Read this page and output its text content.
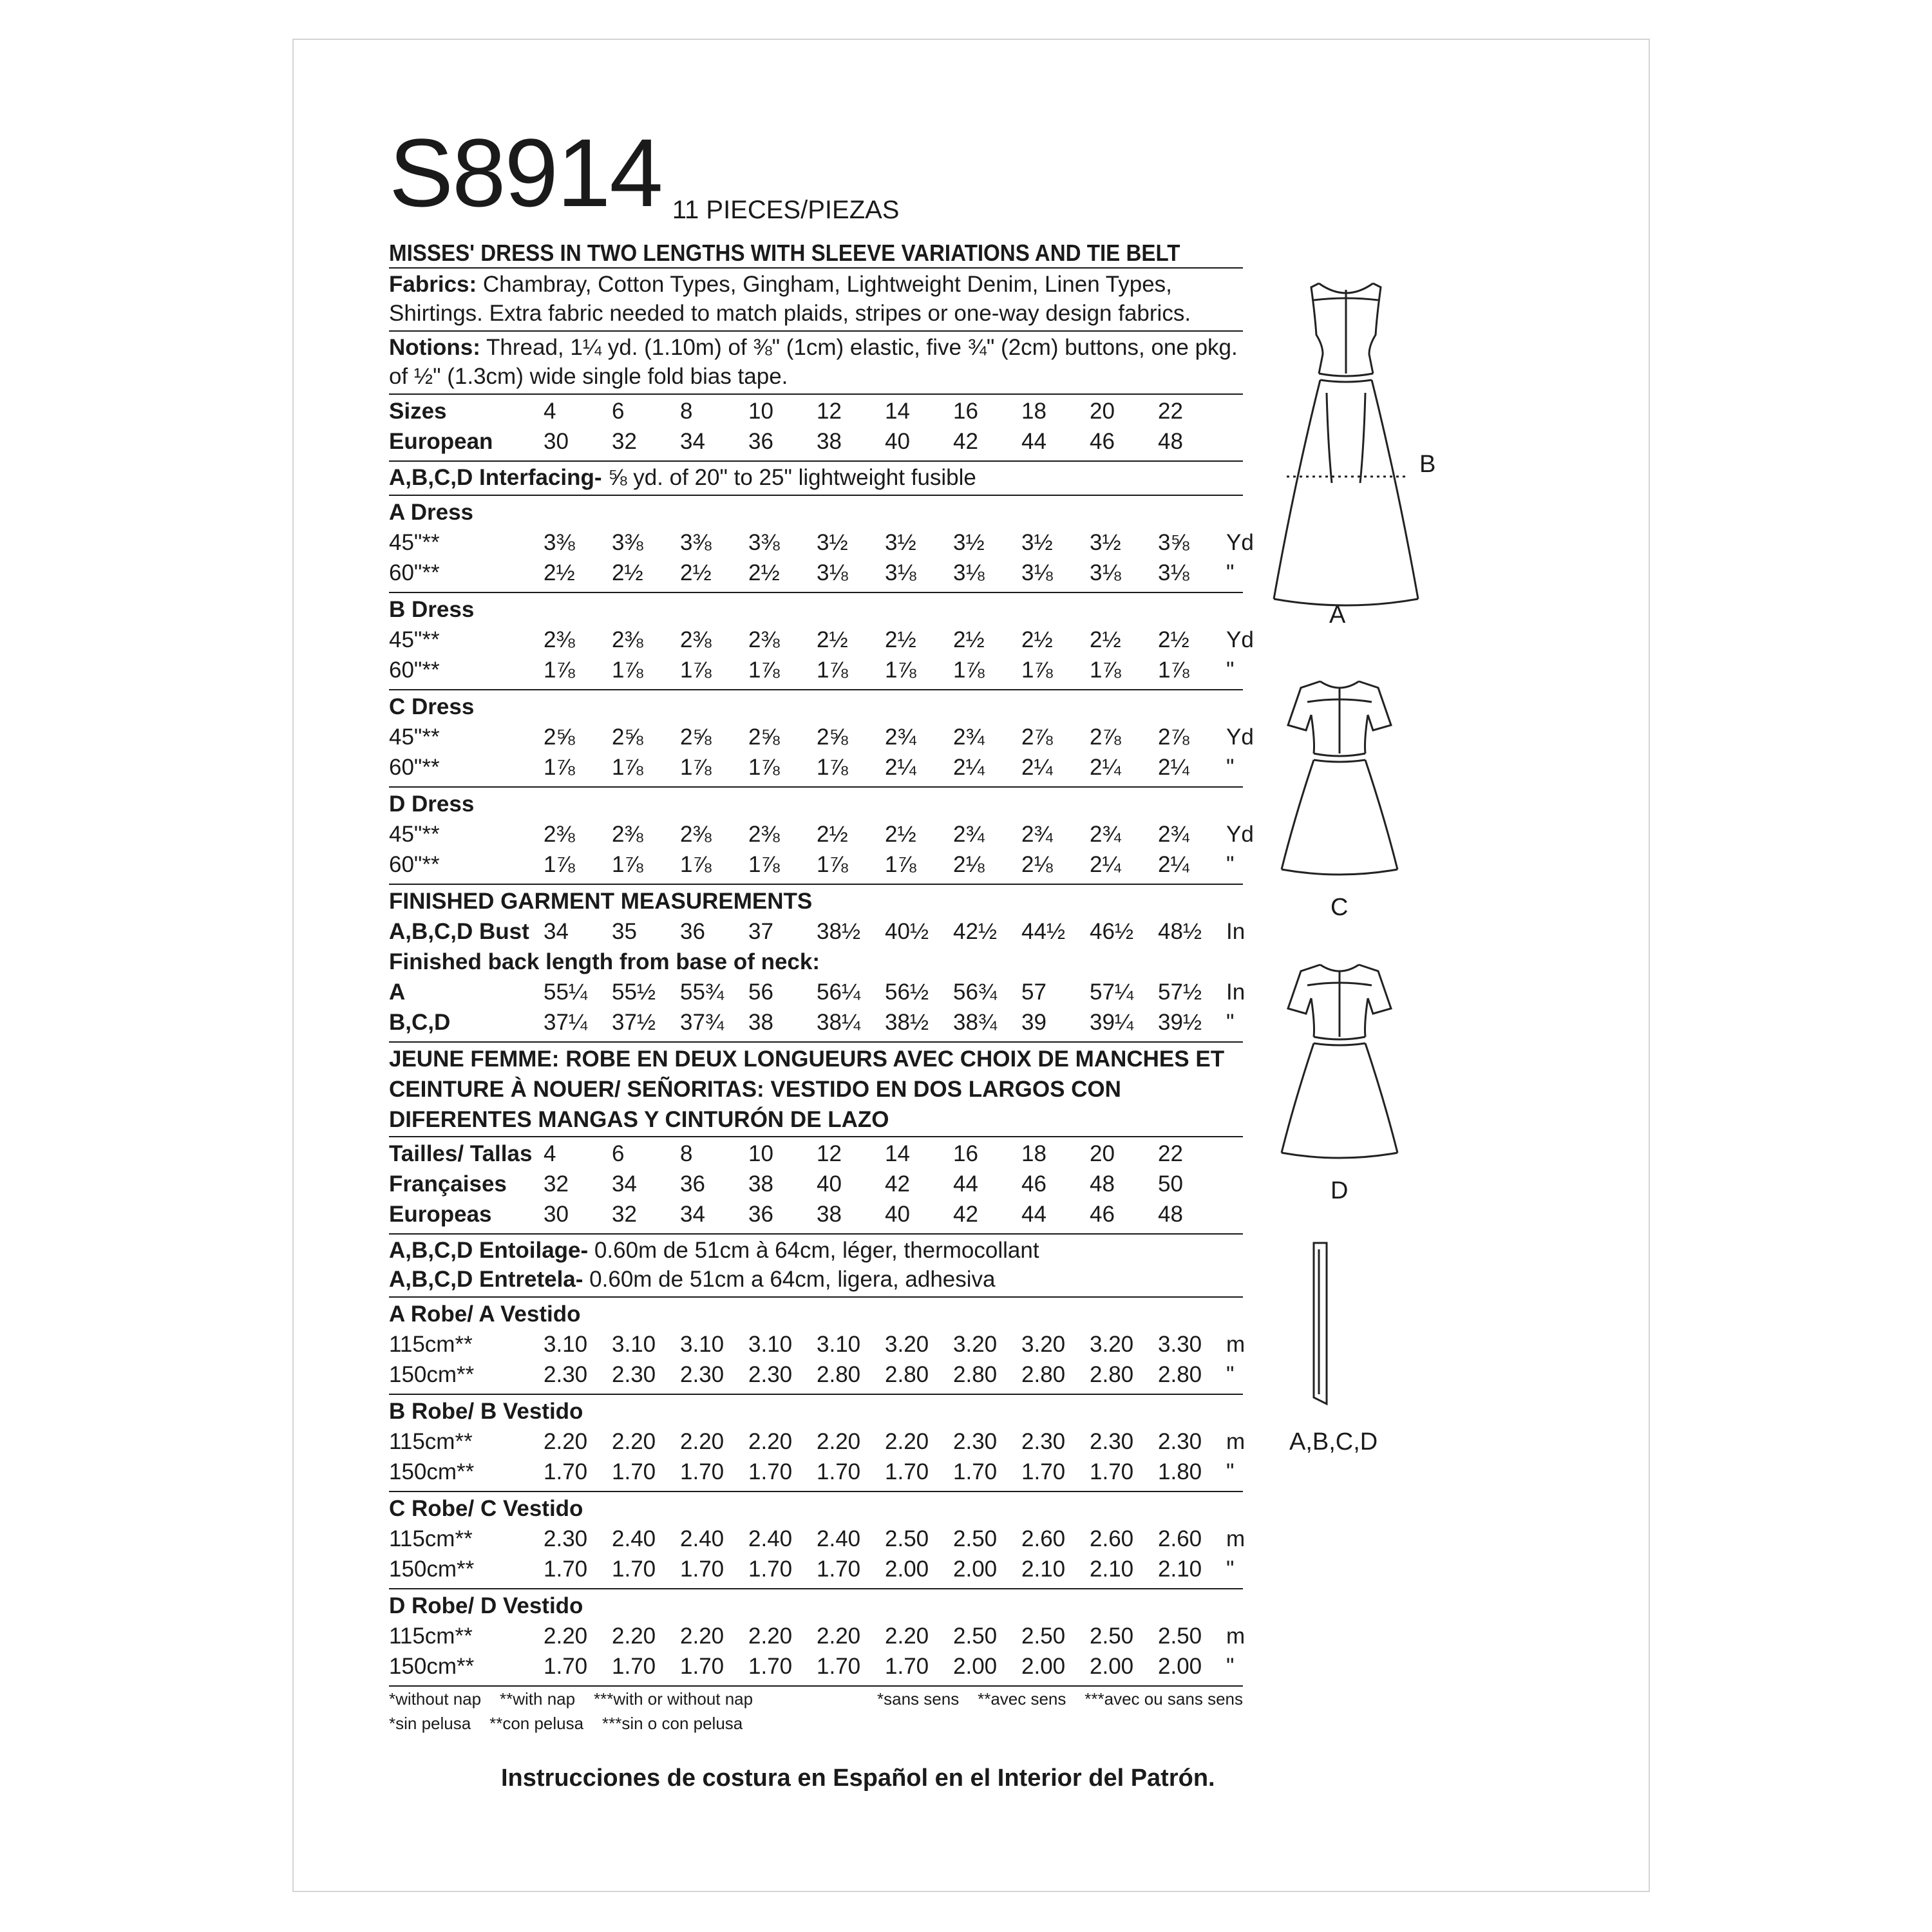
S8914 11 PIECES/PIEZAS
MISSES' DRESS IN TWO LENGTHS WITH SLEEVE VARIATIONS AND TIE BELT
Fabrics: Chambray, Cotton Types, Gingham, Lightweight Denim, Linen Types, Shirtings. Extra fabric needed to match plaids, stripes or one-way design fabrics.
Notions: Thread, 1¼ yd. (1.10m) of ⅜" (1cm) elastic, five ¾" (2cm) buttons, one pkg. of ½" (1.3cm) wide single fold bias tape.
Sizes	4	6	8	10	12	14	16	18	20	22
European	30	32	34	36	38	40	42	44	46	48
A,B,C,D Interfacing- ⅝ yd. of 20" to 25" lightweight fusible
A Dress
45"**	3⅜	3⅜	3⅜	3⅜	3½	3½	3½	3½	3½	3⅝	Yd
60"**	2½	2½	2½	2½	3⅛	3⅛	3⅛	3⅛	3⅛	3⅛	"
B Dress
45"**	2⅜	2⅜	2⅜	2⅜	2½	2½	2½	2½	2½	2½	Yd
60"**	1⅞	1⅞	1⅞	1⅞	1⅞	1⅞	1⅞	1⅞	1⅞	1⅞	"
C Dress
45"**	2⅝	2⅝	2⅝	2⅝	2⅝	2¾	2¾	2⅞	2⅞	2⅞	Yd
60"**	1⅞	1⅞	1⅞	1⅞	1⅞	2¼	2¼	2¼	2¼	2¼	"
D Dress
45"**	2⅜	2⅜	2⅜	2⅜	2½	2½	2¾	2¾	2¾	2¾	Yd
60"**	1⅞	1⅞	1⅞	1⅞	1⅞	1⅞	2⅛	2⅛	2¼	2¼	"
FINISHED GARMENT MEASUREMENTS
A,B,C,D Bust 34	35	36	37	38½	40½	42½	44½	46½	48½	In
Finished back length from base of neck:
A	55¼	55½	55¾	56	56¼	56½	56¾	57	57¼	57½	In
B,C,D	37¼	37½	37¾	38	38¼	38½	38¾	39	39¼	39½	"
JEUNE FEMME: ROBE EN DEUX LONGUEURS AVEC CHOIX DE MANCHES ET CEINTURE À NOUER/ SEÑORITAS: VESTIDO EN DOS LARGOS CON DIFERENTES MANGAS Y CINTURÓN DE LAZO
Tailles/ Tallas 4	6	8	10	12	14	16	18	20	22
Françaises	32	34	36	38	40	42	44	46	48	50
Europeas	30	32	34	36	38	40	42	44	46	48
A,B,C,D Entoilage- 0.60m de 51cm à 64cm, léger, thermocollant
A,B,C,D Entretela- 0.60m de 51cm a 64cm, ligera, adhesiva
A Robe/ A Vestido
115cm**	3.10	3.10	3.10	3.10	3.10	3.20	3.20	3.20	3.20	3.30	m
150cm**	2.30	2.30	2.30	2.30	2.80	2.80	2.80	2.80	2.80	2.80	"
B Robe/ B Vestido
115cm**	2.20	2.20	2.20	2.20	2.20	2.20	2.30	2.30	2.30	2.30	m
150cm**	1.70	1.70	1.70	1.70	1.70	1.70	1.70	1.70	1.70	1.80	"
C Robe/ C Vestido
115cm**	2.30	2.40	2.40	2.40	2.40	2.50	2.50	2.60	2.60	2.60	m
150cm**	1.70	1.70	1.70	1.70	1.70	2.00	2.00	2.10	2.10	2.10	"
D Robe/ D Vestido
115cm**	2.20	2.20	2.20	2.20	2.20	2.20	2.50	2.50	2.50	2.50	m
150cm**	1.70	1.70	1.70	1.70	1.70	1.70	2.00	2.00	2.00	2.00	"
*without nap    **with nap    ***with or without nap
*sin pelusa    **con pelusa    ***sin o con pelusa
*sans sens    **avec sens    ***avec ou sans sens
Instrucciones de costura en Español en el Interior del Patrón.
B
A
C
D
A,B,C,D
